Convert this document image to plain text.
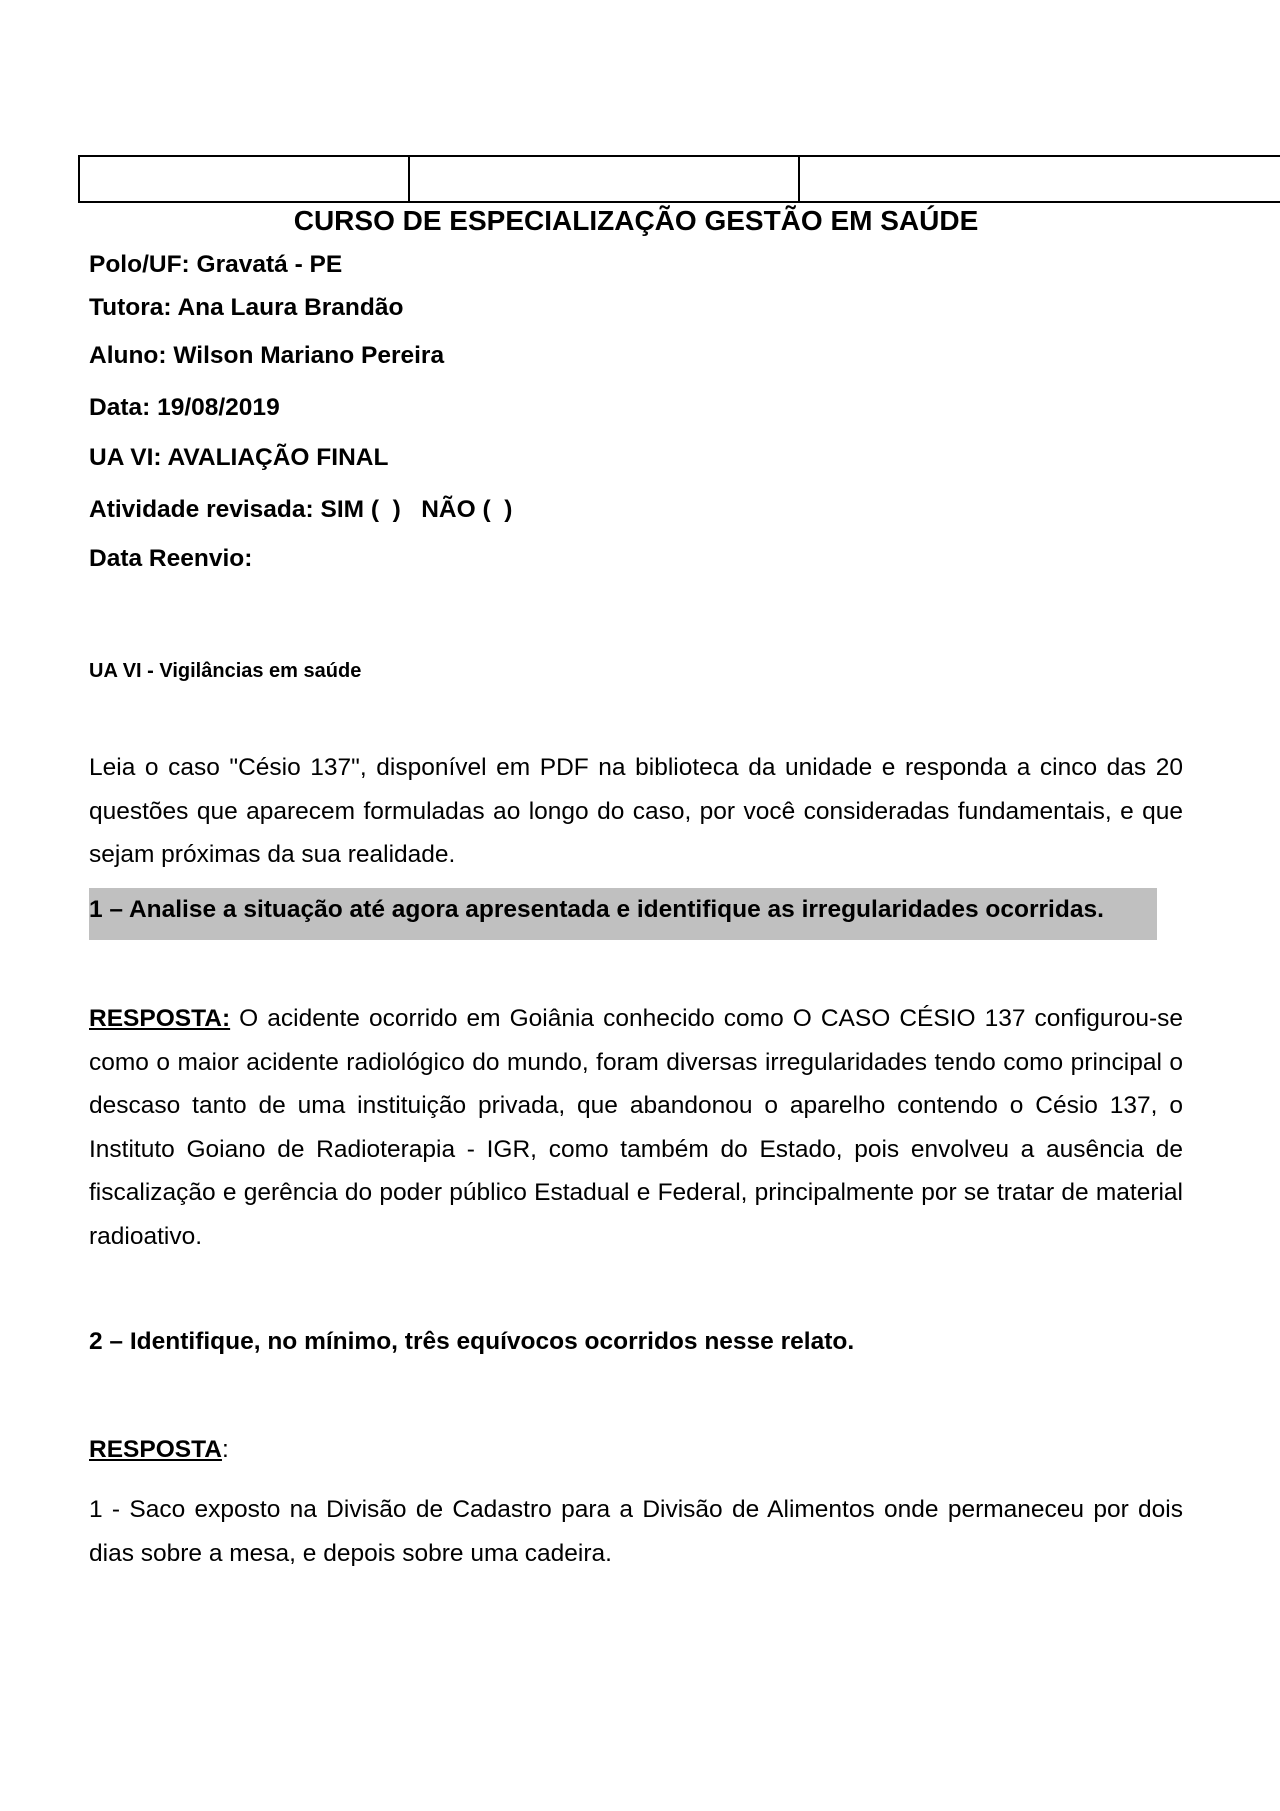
CURSO DE ESPECIALIZAÇÃO GESTÃO EM SAÚDE
Polo/UF: Gravatá - PE
Tutora: Ana Laura Brandão
Aluno: Wilson Mariano Pereira
Data: 19/08/2019
UA VI: AVALIAÇÃO FINAL
Atividade revisada: SIM (  )   NÃO (  )
Data Reenvio:
UA VI - Vigilâncias em saúde
Leia o caso "Césio 137", disponível em PDF na biblioteca da unidade e responda a cinco das 20 questões que aparecem formuladas ao longo do caso, por você consideradas fundamentais, e que sejam próximas da sua realidade.
1 – Analise a situação até agora apresentada e identifique as irregularidades ocorridas.
RESPOSTA: O acidente ocorrido em Goiânia conhecido como O CASO CÉSIO 137 configurou-se como o maior acidente radiológico do mundo, foram diversas irregularidades tendo como principal o descaso tanto de uma instituição privada, que abandonou o aparelho contendo o Césio 137, o Instituto Goiano de Radioterapia - IGR, como também do Estado, pois envolveu a ausência de fiscalização e gerência do poder público Estadual e Federal, principalmente por se tratar de material radioativo.
2 – Identifique, no mínimo, três equívocos ocorridos nesse relato.
RESPOSTA:
1 - Saco exposto na Divisão de Cadastro para a Divisão de Alimentos onde permaneceu por dois dias sobre a mesa, e depois sobre uma cadeira.
